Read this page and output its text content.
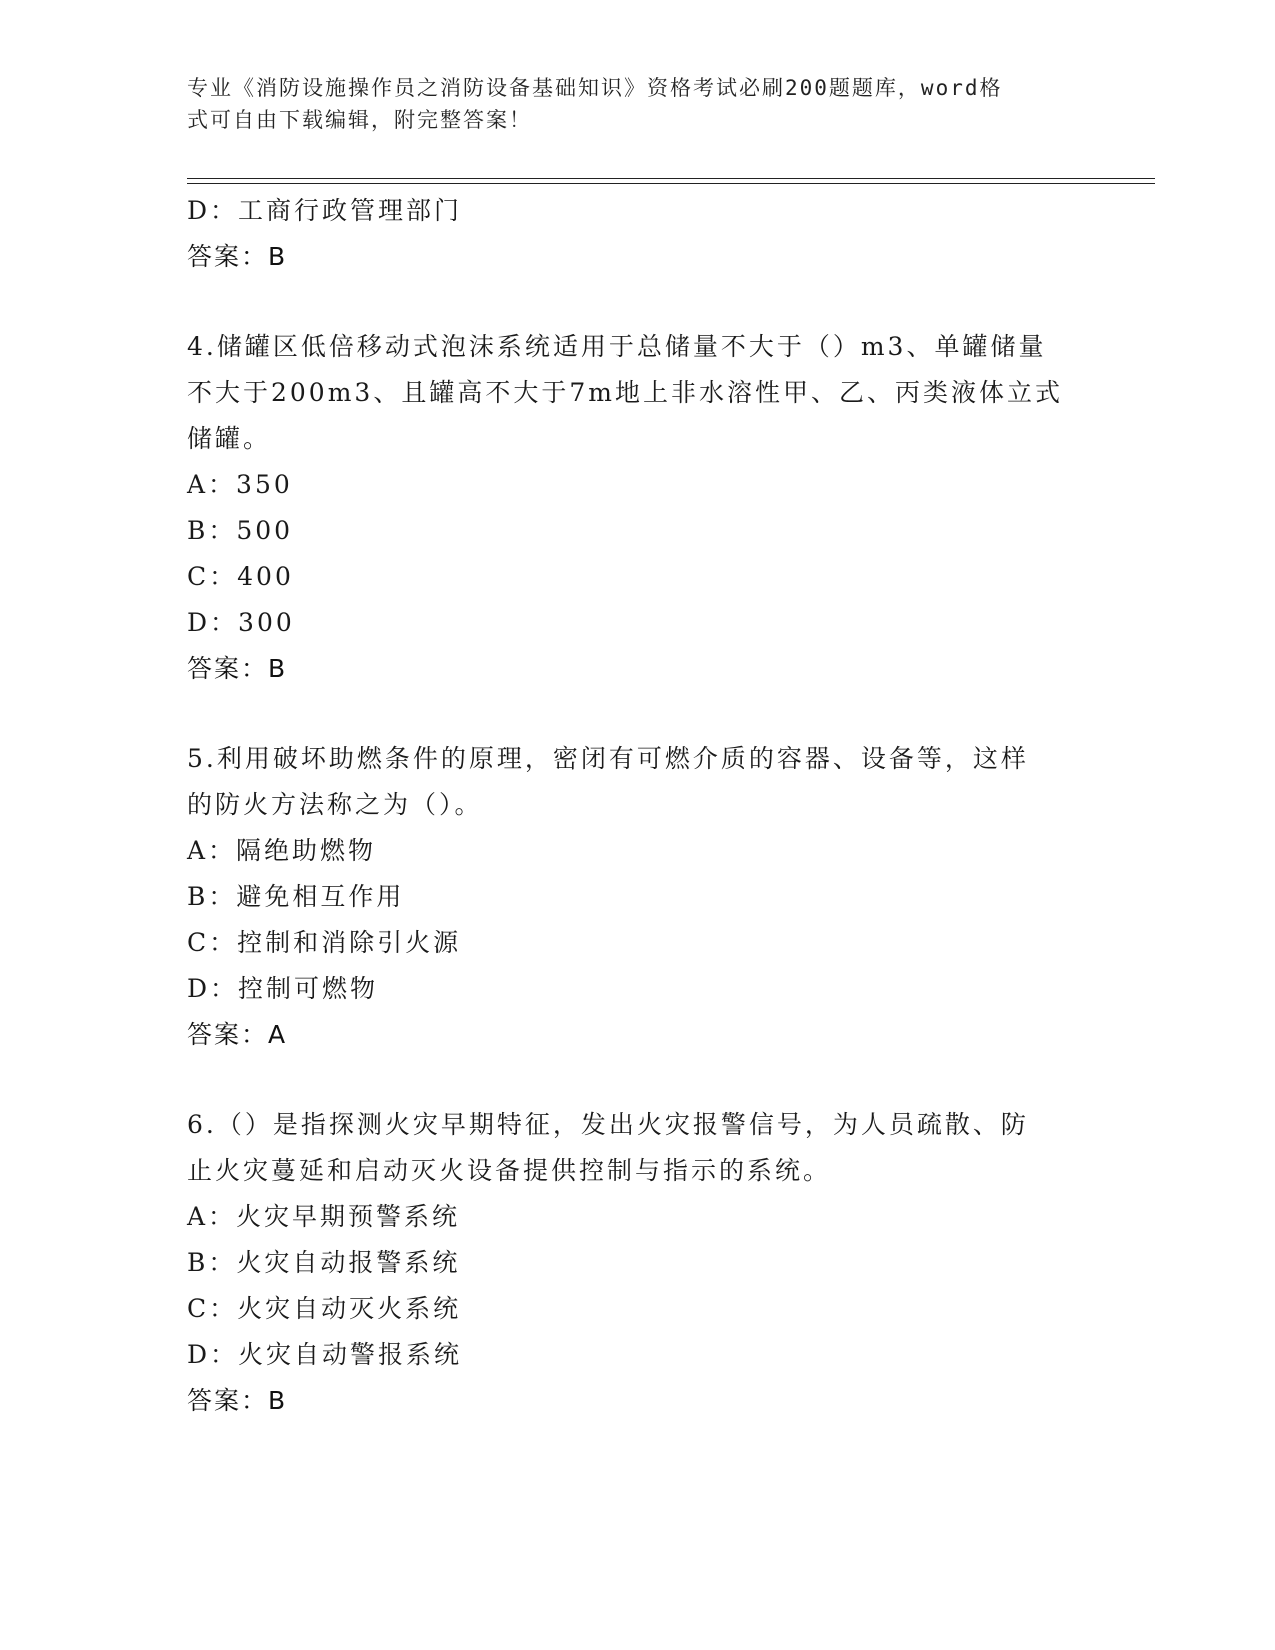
专业《消防设施操作员之消防设备基础知识》资格考试必刷200题题库，word格
式可自由下载编辑，附完整答案！
D：工商行政管理部门
答案：B
4.储罐区低倍移动式泡沫系统适用于总储量不大于（）m3、单罐储量
不大于200m3、且罐高不大于7m地上非水溶性甲、乙、丙类液体立式
储罐。
A：350
B：500
C：400
D：300
答案：B
5.利用破坏助燃条件的原理，密闭有可燃介质的容器、设备等，这样
的防火方法称之为（）。
A：隔绝助燃物
B：避免相互作用
C：控制和消除引火源
D：控制可燃物
答案：A
6.（）是指探测火灾早期特征，发出火灾报警信号，为人员疏散、防
止火灾蔓延和启动灭火设备提供控制与指示的系统。
A：火灾早期预警系统
B：火灾自动报警系统
C：火灾自动灭火系统
D：火灾自动警报系统
答案：B
